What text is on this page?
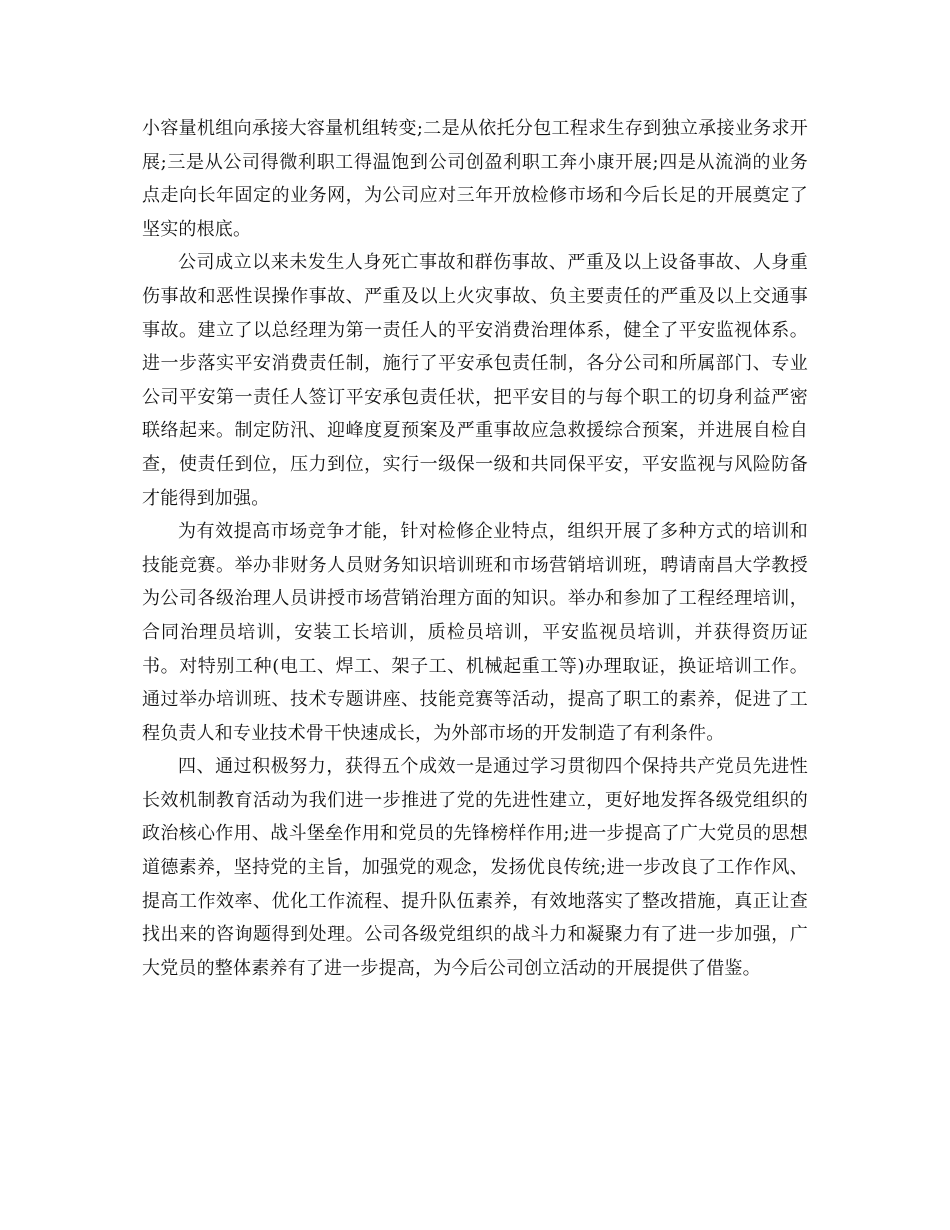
小容量机组向承接大容量机组转变;二是从依托分包工程求生存到独立承接业务求开展;三是从公司得微利职工得温饱到公司创盈利职工奔小康开展;四是从流淌的业务点走向长年固定的业务网，为公司应对三年开放检修市场和今后长足的开展奠定了坚实的根底。

公司成立以来未发生人身死亡事故和群伤事故、严重及以上设备事故、人身重伤事故和恶性误操作事故、严重及以上火灾事故、负主要责任的严重及以上交通事事故。建立了以总经理为第一责任人的平安消费治理体系，健全了平安监视体系。进一步落实平安消费责任制，施行了平安承包责任制，各分公司和所属部门、专业公司平安第一责任人签订平安承包责任状，把平安目的与每个职工的切身利益严密联络起来。制定防汛、迎峰度夏预案及严重事故应急救援综合预案，并进展自检自查，使责任到位，压力到位，实行一级保一级和共同保平安，平安监视与风险防备才能得到加强。

为有效提高市场竞争才能，针对检修企业特点，组织开展了多种方式的培训和技能竞赛。举办非财务人员财务知识培训班和市场营销培训班，聘请南昌大学教授为公司各级治理人员讲授市场营销治理方面的知识。举办和参加了工程经理培训，合同治理员培训，安装工长培训，质检员培训，平安监视员培训，并获得资历证书。对特别工种(电工、焊工、架子工、机械起重工等)办理取证，换证培训工作。通过举办培训班、技术专题讲座、技能竞赛等活动，提高了职工的素养，促进了工程负责人和专业技术骨干快速成长，为外部市场的开发制造了有利条件。

四、通过积极努力，获得五个成效一是通过学习贯彻四个保持共产党员先进性长效机制教育活动为我们进一步推进了党的先进性建立，更好地发挥各级党组织的政治核心作用、战斗堡垒作用和党员的先锋榜样作用;进一步提高了广大党员的思想道德素养，坚持党的主旨，加强党的观念，发扬优良传统;进一步改良了工作作风、提高工作效率、优化工作流程、提升队伍素养，有效地落实了整改措施，真正让查找出来的咨询题得到处理。公司各级党组织的战斗力和凝聚力有了进一步加强，广大党员的整体素养有了进一步提高，为今后公司创立活动的开展提供了借鉴。
